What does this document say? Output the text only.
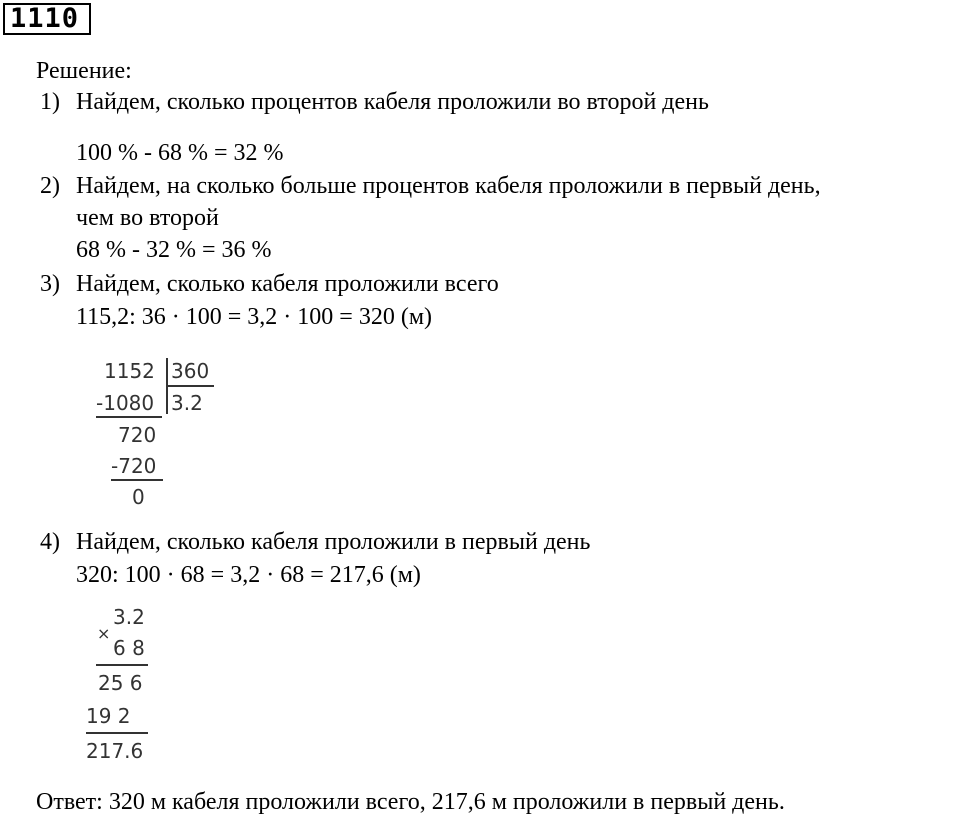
1110
Решение:
1) Найдем, сколько процентов кабеля проложили во второй день
100 % - 68 % = 32 %
2) Найдем, на сколько больше процентов кабеля проложили в первый день,
чем во второй
68 % - 32 % = 36 %
3) Найдем, сколько кабеля проложили всего
115,2: 36 · 100 = 3,2 · 100 = 320 (м)
1152 360
-1080 3.2
720
-720
0
4) Найдем, сколько кабеля проложили в первый день
320: 100 · 68 = 3,2 · 68 = 217,6 (м)
×
3.2
6 8
25 6
19 2
217.6
Ответ: 320 м кабеля проложили всего, 217,6 м проложили в первый день.
